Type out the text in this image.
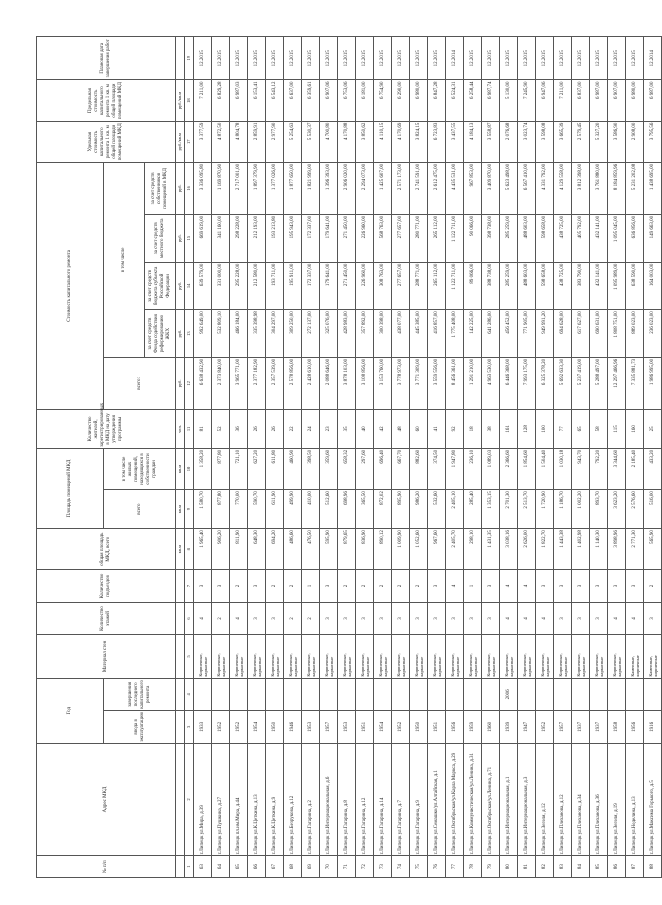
№ п/п	Адрес МКД	Год		Материал стен	Количество этажей	Количество подъездов	общая площадь МКД, всего	Площадь помещений МКД		Количество жителей, зарегистрированных в МКД на дату утверждения программы	Стоимость капитального ремонта					Удельная стоимость капитального ремонта 1 кв. м общей площади помещений МКД	Предельная стоимость капитального ремонта 1 кв. м общей площади помещений МКД	Плановая дата завершения работ
		ввода в эксплуатацию	завершения последнего капитального ремонта					всего	в том числе жилых помещений, находящихся в собственности граждан		всего:	в том числе						
												за счет средств Фонда содействия реформированию ЖКХ	за счет средств бюджета субъекта Российской Федерации	за счет средств местного бюджета	за счет средств собственников помещений в МКД			
							кв.м	кв.м	кв.м	чел.	руб.	руб.	руб.	руб.	руб.	руб./кв.м	руб./кв.м	
1	2	3	4	5	6	7	8	9	10	11	12	13	14	15	16	17	18	19
63	г.Липецк ул.Мира, д.39	1933		Кирпичные, каркасные	4	3	1 965,40	1 580,70	1 358,20	81	6 638 432,90	992 649,00	639 579,00	669 619,00	3 336 095,80	3 377,59	7 211,00	12.2015
64	г.Липецк ул.Пушкина, д.27	1952		Кирпичные, каркасные	2	3	906,20	877,80	877,80	52	2 373 840,00	532 809,10	331 000,00	341 160,00	1 169 870,90	4 872,50	6 829,28	12.2015
65	г.Липецк пл.им.Мира, д.44	1952		Кирпичные, каркасные	4	2	811,90	770,00	721,10	36	3 965 771,00	466 184,00	295 228,00	298 228,00	2 717 001,00	4 804,78	6 987,03	12.2015
66	г.Липецк ул.К.Цеткина, д.13	1954		Кирпичные, каркасные	3	3	648,30	590,70	627,20	26	2 377 182,90	335 398,98	212 580,00	212 193,00	1 897 379,90	2 859,91	6 153,41	12.2015
67	г.Липецк ул.К.Цеткина, д.9	1950		Кирпичные, каркасные	3	2	694,20	611,90	611,80	26	2 357 539,00	304 297,00	193 711,00	193 213,80	1 377 026,00	2 977,90	6 543,12	12.2015
68	г.Липецк ул.Безрукова, д.12	1946		Кирпичные, каркасные	2	2	486,60	499,90	460,90	22	2 578 856,00	309 250,00	195 911,00	195 943,00	1 877 650,00	5 254,63	6 637,00	12.2015
69	г.Липецк ул.Гагарина, д.2	1953		Кирпичные, каркасные	2	1	476,50	410,00	398,50	24	2 428 610,00	272 137,00	172 337,00	172 337,00	1 821 999,00	5 530,37	6 359,61	12.2015
70	г.Липецк ул.Интернациональная, д.6	1957		Кирпичные, каркасные	3	3	595,90	512,60	359,60	23	2 088 646,00	325 076,00	179 641,00	179 641,00	1 396 393,00	4 700,80	6 907,06	12.2015
71	г.Липецк ул.Гагарина, д.8	1953		Кирпичные, каркасные	3	2	879,65	698,96	658,32	35	3 878 103,00	428 983,00	271 450,00	271 450,00	2 906 020,00	4 170,88	6 753,06	12.2015
72	г.Липецк ул.Гагарина, д.12	1951		Кирпичные, каркасные	3	2	836,90	365,50	297,60	40	3 108 856,00	357 892,00	226 960,00	226 960,00	2 294 073,00	3 850,62	6 181,00	12.2015
73	г.Липецк ул.Гагарина, д.14	1954		Кирпичные, каркасные	3	2	890,12	872,02	696,40	42	3 153 760,00	300 398,00	308 763,00	568 763,00	1 425 607,00	4 110,15	6 754,90	12.2015
74	г.Липецк ул.Гагарина, д.7	1952		Кирпичные, каркасные	3	2	1 009,90	895,90	667,70	48	3 778 973,00	438 077,00	277 657,00	277 657,00	2 571 173,00	4 170,69	6 290,00	12.2015
75	г.Липецк ул.Гагарина, д.9	1950		Кирпичные, каркасные	3	2	1 052,60	986,20	882,60	60	3 771 309,00	445 385,00	288 771,00	280 771,00	2 741 591,00	3 824,15	6 980,00	12.2015
76	г.Липецк ул.Семашко/ул.Алтайская, д.1	1951		Кирпичные, каркасные	3	3	967,60	532,60	374,50	41	3 559 556,00	416 857,00	265 112,00	265 112,00	2 612 475,00	6 723,83	6 847,28	12.2015
77	г.Липецк ул.Октябрьская/ул.Карла Маркса, д.29	1956		Кирпичные, каркасные	3	4	2 405,70	2 405,10	1 947,80	92	8 456 361,00	1 775 408,00	1 122 711,00	1 122 711,00	4 435 531,00	3 437,55	6 524,31	12.2014
78	г.Липецк ул.Коммунистическая/ул.Ленина, д.31	1959		Кирпичные, каркасные	3	1	298,10	285,40	236,10	18	1 291 210,00	142 225,00	89 066,00	90 066,00	967 853,00	4 184,13	6 258,44	12.2015
79	г.Липецк ул.Октябрьская/ул.Ленина, д.71	1960		Кирпичные, каркасные	3	3	1 431,35	1 353,15	1 089,03	38	4 963 530,00	641 286,00	388 738,00	398 738,00	3 409 870,00	3 558,87	6 987,74	12.2015
80	г.Липецк ул.Интернациональная, д.1	1939	2006	Кирпичные, каркасные	4	4	3 038,16	2 701,30	2 366,60	161	6 446 368,00	456 452,00	285 259,00	285 259,00	5 623 498,00	2 076,68	5 130,00	12.2015
81	г.Липецк ул.Интернациональная, д.3	1947		Кирпичные, каркасные	4	4	2 626,00	2 513,70	1 854,60	128	7 993 175,00	771 905,00	488 603,00	488 603,00	6 567 410,00	3 023,74	7 245,90	12.2015
82	г.Липецк ул.Зегеля, д.12	1952		Кирпичные, каркасные	4	3	1 822,70	1 720,90	1 504,40	100	6 325 378,20	949 991,20	598 658,00	598 658,00	4 331 792,00	3 598,08	6 947,06	12.2015
83	г.Липецк ул.Плеханова, д.12	1957		Кирпичные, каркасные	3	3	1 443,38	1 186,70	1 030,18	77	5 692 633,30	694 628,00	438 725,00	438 725,00	4 129 558,00	3 665,39	7 211,00	12.2015
84	г.Липецк ул.Плеханова, д.34	1937		Кирпичные, каркасные	3	3	1 402,98	1 002,20	943,70	65	5 237 419,00	617 627,00	383 790,00	405 792,00	3 812 398,00	2 579,45	6 837,00	12.2015
85	г.Липецк ул.Плеханова, д.36	1937		Кирпичные, каркасные	3	3	1 140,30	893,70	792,20	58	5 288 497,00	690 631,00	432 141,00	432 141,00	3 761 880,00	5 327,20	6 987,00	12.2015
86	г.Липецк ул.Зегеля, д.19	1958		Кирпичные, каркасные	4	3	3 898,96	3 623,20	3 344,60	115	12 297 466,96	1 808 751,00	1 095 989,00	1 095 045,00	8 184 859,96	3 586,90	6 907,00	12.2015
87	г.Липецк ул.Неделина, д.13	1956		Каменные, кирпичные	4	3	2 771,30	2 576,60	2 185,40	160	7 335 881,73	889 023,00	638 590,00	636 856,00	5 231 202,08	2 908,00	6 980,00	12.2015
88	г.Липецк ул.Максима Горького, д.5	1916		Каменные, кирпичные	3	2	565,90	516,00	433,20	25	1 986 995,00	236 023,00	164 003,00	149 663,00	1 438 695,00	3 795,56	6 987,00	12.2014
